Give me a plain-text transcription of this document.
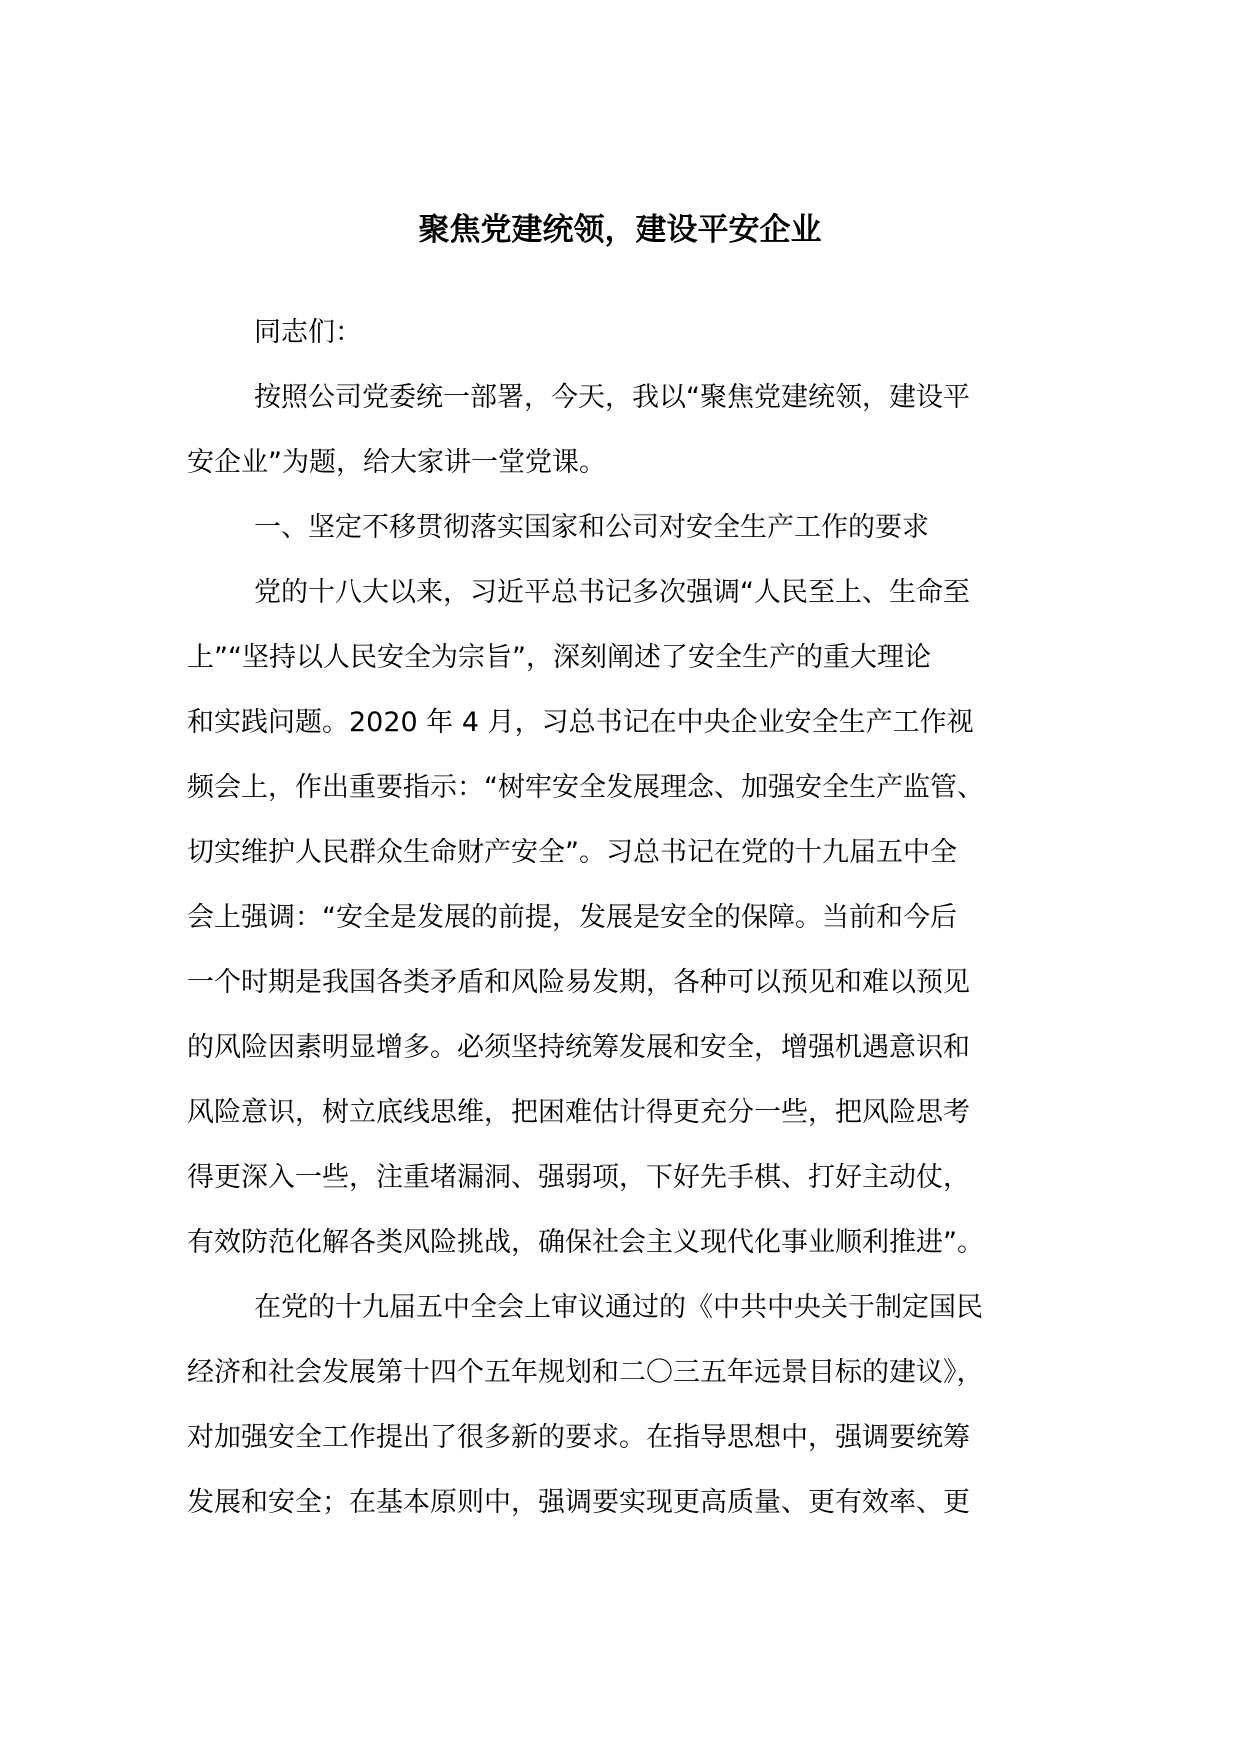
聚焦党建统领，建设平安企业
同志们：
按照公司党委统一部署，今天，我以“聚焦党建统领，建设平
安企业”为题，给大家讲一堂党课。
一、坚定不移贯彻落实国家和公司对安全生产工作的要求
党的十八大以来，习近平总书记多次强调“人民至上、生命至
上”“坚持以人民安全为宗旨”，深刻阐述了安全生产的重大理论
和实践问题。2020 年 4 月，习总书记在中央企业安全生产工作视
频会上，作出重要指示：“树牢安全发展理念、加强安全生产监管、
切实维护人民群众生命财产安全”。习总书记在党的十九届五中全
会上强调：“安全是发展的前提，发展是安全的保障。当前和今后
一个时期是我国各类矛盾和风险易发期，各种可以预见和难以预见
的风险因素明显增多。必须坚持统筹发展和安全，增强机遇意识和
风险意识，树立底线思维，把困难估计得更充分一些，把风险思考
得更深入一些，注重堵漏洞、强弱项，下好先手棋、打好主动仗，
有效防范化解各类风险挑战，确保社会主义现代化事业顺利推进”。
在党的十九届五中全会上审议通过的《中共中央关于制定国民
经济和社会发展第十四个五年规划和二〇三五年远景目标的建议》，
对加强安全工作提出了很多新的要求。在指导思想中，强调要统筹
发展和安全；在基本原则中，强调要实现更高质量、更有效率、更
